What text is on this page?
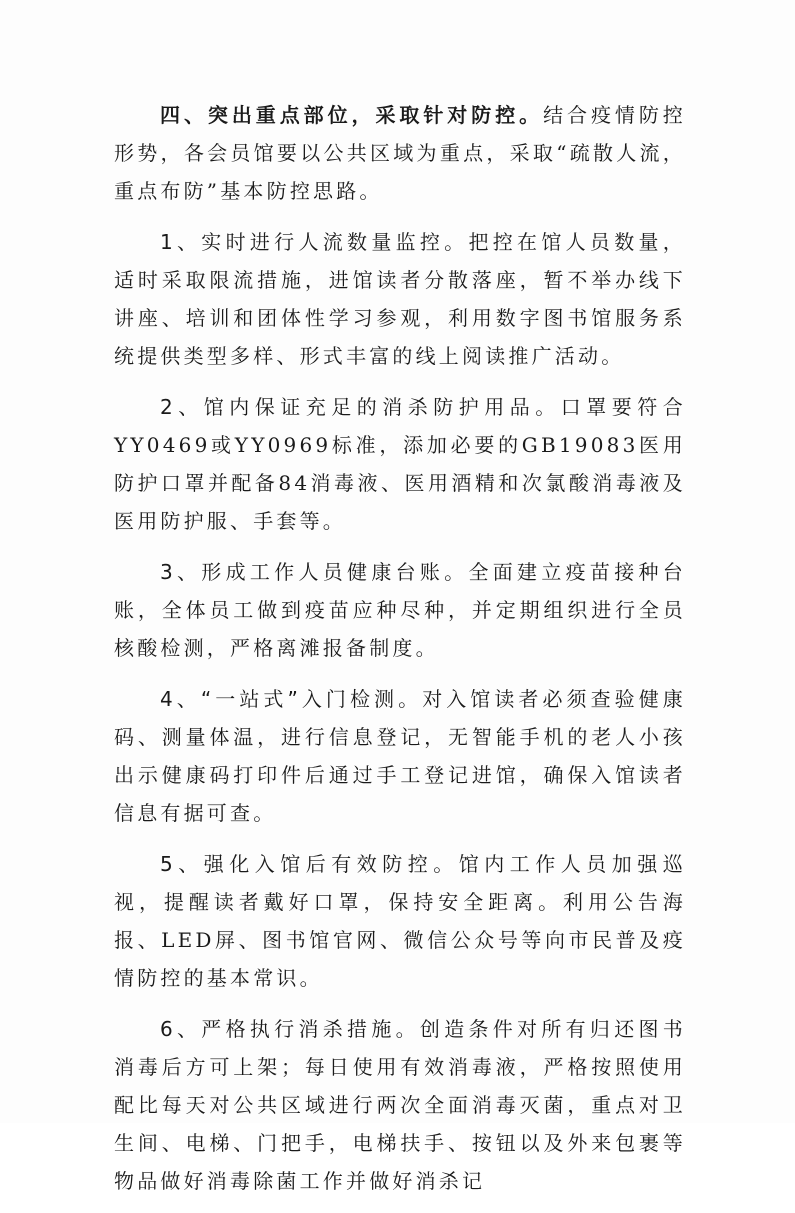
四、突出重点部位，采取针对防控。结合疫情防控形势，各会员馆要以公共区域为重点，采取“疏散人流，重点布防”基本防控思路。

1、实时进行人流数量监控。把控在馆人员数量，适时采取限流措施，进馆读者分散落座，暂不举办线下讲座、培训和团体性学习参观，利用数字图书馆服务系统提供类型多样、形式丰富的线上阅读推广活动。

2、馆内保证充足的消杀防护用品。口罩要符合YY0469或YY0969标准，添加必要的GB19083医用防护口罩并配备84消毒液、医用酒精和次氯酸消毒液及医用防护服、手套等。

3、形成工作人员健康台账。全面建立疫苗接种台账，全体员工做到疫苗应种尽种，并定期组织进行全员核酸检测，严格离滩报备制度。

4、“一站式”入门检测。对入馆读者必须查验健康码、测量体温，进行信息登记，无智能手机的老人小孩出示健康码打印件后通过手工登记进馆，确保入馆读者信息有据可查。

5、强化入馆后有效防控。馆内工作人员加强巡视，提醒读者戴好口罩，保持安全距离。利用公告海报、LED屏、图书馆官网、微信公众号等向市民普及疫情防控的基本常识。

6、严格执行消杀措施。创造条件对所有归还图书消毒后方可上架；每日使用有效消毒液，严格按照使用配比每天对公共区域进行两次全面消毒灭菌，重点对卫生间、电梯、门把手，电梯扶手、按钮以及外来包裹等物品做好消毒除菌工作并做好消杀记
